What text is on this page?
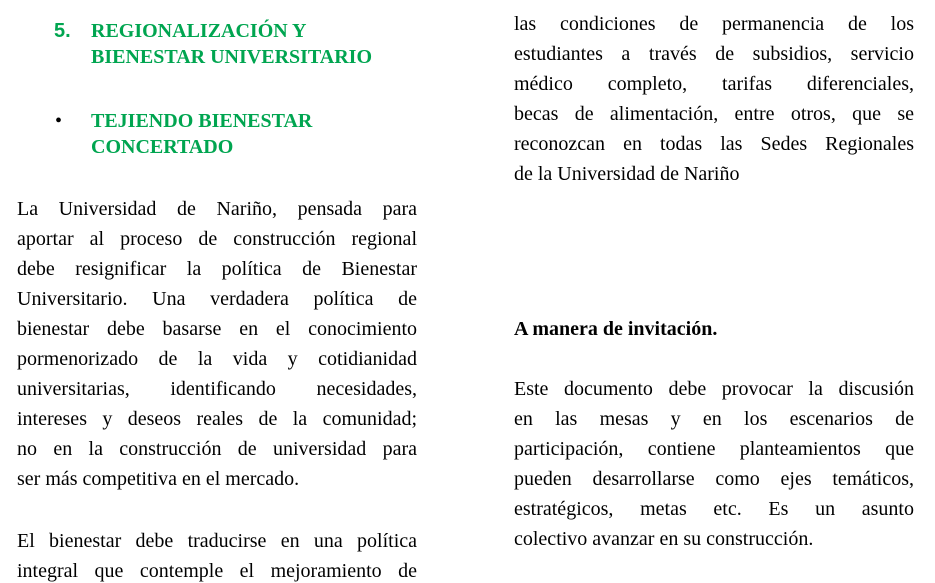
5. REGIONALIZACIÓN Y
BIENESTAR UNIVERSITARIO
• TEJIENDO BIENESTAR
CONCERTADO
La Universidad de Nariño, pensada para
aportar al proceso de construcción regional
debe resignificar la política de Bienestar
Universitario. Una verdadera política de
bienestar debe basarse en el conocimiento
pormenorizado de la vida y cotidianidad
universitarias, identificando necesidades,
intereses y deseos reales de la comunidad;
no en la construcción de universidad para
ser más competitiva en el mercado.
El bienestar debe traducirse en una política
integral que contemple el mejoramiento de
las condiciones de permanencia de los
estudiantes a través de subsidios, servicio
médico completo, tarifas diferenciales,
becas de alimentación, entre otros, que se
reconozcan en todas las Sedes Regionales
de la Universidad de Nariño
A manera de invitación.
Este documento debe provocar la discusión
en las mesas y en los escenarios de
participación, contiene planteamientos que
pueden desarrollarse como ejes temáticos,
estratégicos, metas etc. Es un asunto
colectivo avanzar en su construcción.
